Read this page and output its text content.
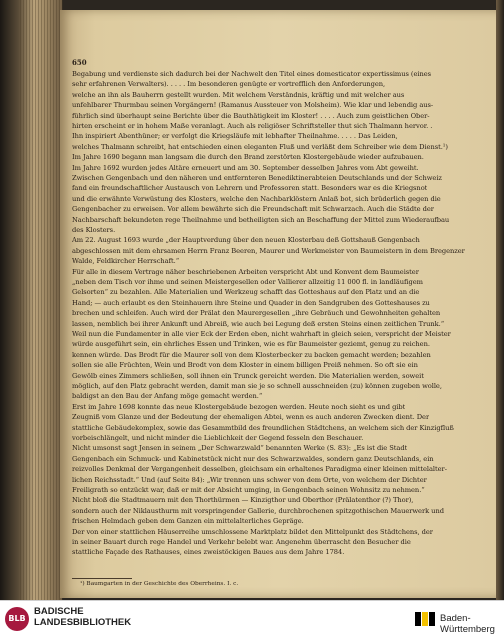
650
Begabung und verdienste sich dadurch bei der Nachwelt den Titel eines domesticator expertissimus (eines
sehr erfahrenen Verwalters). . . . . Im besonderen genügte er vortrefflich den Anforderungen,
welche an ihn als Bauherrn gestellt wurden. Mit welchem Verständnis, kräftig und mit welcher aus
unfehlbarer Thurmbau seinen Vorgängern! (Ramanus Aussteuer von Molsheim). Wie klar und lebendig aus-
führlich sind überhaupt seine Berichte über die Bauthätigkeit im Kloster! . . . . Auch zum geistlichen Ober-
hirten erscheint er in hohem Maße veranlagt. Auch als religiöser Schriftsteller thut sich Thalmann hervor. .
Ihn inspiriert Abenthüner; er verfolgt die Kriegsläufe mit lebhafter Theilnahme. . . . . Das Leiden,
welches Thalmann schreibt, hat entschieden einen eleganten Fluß und verläßt dem Schreiber wie dem Dienst.¹)
Im Jahre 1690 begann man langsam die durch den Brand zerstörten Klostergebäude wieder aufzubauen.
Im Jahre 1692 wurden jedes Altäre erneuert und am 30. September desselben Jahres vom Abt geweiht.
Zwischen Gengenbach und den näheren und entfernteren Benediktinerabteien Deutschlands und der Schweiz
fand ein freundschaftlicher Austausch von Lehrern und Professoren statt. Besonders war es die Kriegsnot
und die erwähnte Verwüstung des Klosters, welche den Nachbarklöstern Anlaß bot, sich brüderlich gegen die
Gengenbacher zu erweisen. Vor allem bewährte sich die Freundschaft mit Schwarzach. Auch die Städte der
Nachbarschaft bekundeten rege Theilnahme und betheiligten sich an Beschaffung der Mittel zum Wiederaufbau
des Klosters.
Am 22. August 1693 wurde „der Hauptverdung über den neuen Klosterbau deß Gottshauß Gengenbach
abgeschlossen mit dem ehrsamen Herrn Franz Beeren, Maurer und Werkmeister von Baumeistern in dem Bregenzer
Walde, Feldkircher Herrschaft.“
Für alle in diesem Vertrage näher beschriebenen Arbeiten verspricht Abt und Konvent dem Baumeister
„neben dem Tisch vor ihme und seinen Meistergesellen oder Vallierer allzeitig 11 000 fl. in landläufigem
Gelsorten“ zu bezahlen. Alle Materialien und Werkzeug schafft das Gotteshaus auf den Platz und an die
Hand; — auch erlaubt es den Steinhauern ihre Steine und Quader in den Sandgruben des Gotteshauses zu
brechen und schleifen. Auch wird der Prälat den Maurergesellen „ihre Gebräuch und Gewohnheiten gehalten
lassen, nemblich bei ihrer Ankunft und Abreiß, wie auch bei Legung deß ersten Steins einen zeitlichen Trunk.“
Weil nun die Fundamenter in alle vier Eck der Erden eben, nicht wahrhaft in gleich seien, verspricht der Meister
würde ausgeführt sein, ein ehrliches Essen und Trinken, wie es für Baumeister geziemt, genug zu reichen.
kennen würde. Das Brodt für die Maurer soll von dem Klosterbecker zu backen gemacht werden; bezahlen
sollen sie alle Früchten, Wein und Brodt von dem Kloster in einem billigen Preiß nehmen. So oft sie ein
Gewölb eines Zimmers schließen, soll ihnen ein Trunck gereicht werden. Die Materialien werden, soweit
möglich, auf den Platz gebracht werden, damit man sie je so schnell ausschneiden (zu) können zugeben wolle,
baldigst an den Bau der Anfang möge gemacht werden.“
Erst im Jahre 1698 konnte das neue Klostergebäude bezogen werden. Heute noch sieht es und gibt
Zeugniß vom Glanze und der Bedeutung der ehemaligen Abtei, wenn es auch anderen Zwecken dient. Der
stattliche Gebäudekomplex, sowie das Gesammtbild des freundlichen Städtchens, an welchem sich der Kinzigfluß
vorbeischlängelt, und nicht minder die Lieblichkeit der Gegend fesseln den Beschauer.
Nicht umsonst sagt Jensen in seinem „Der Schwarzwald“ benannten Werke (S. 83): „Es ist die Stadt
Gengenbach ein Schmuck- und Kabinetstück nicht nur des Schwarzwaldes, sondern ganz Deutschlands, ein
reizvolles Denkmal der Vergangenheit desselben, gleichsam ein erhaltenes Paradigma einer kleinen mittelalter-
lichen Reichsstadt.“ Und (auf Seite 84): „Wir trennen uns schwer von dem Orte, von welchem der Dichter
Freiligrath so entzückt war, daß er mit der Absicht umging, in Gengenbach seinen Wohnsitz zu nehmen.“
Nicht bloß die Stadtmauern mit den Thorthürmen — Kinzigthor und Oberthor (Prälatenthor (?) Thor),
sondern auch der Niklausthurm mit vorspringender Gallerie, durchbrochenen spitzgothischen Mauerwerk und
frischen Helmdach geben dem Ganzen ein mittelalterliches Gepräge.
Der von einer stattlichen Häuserreihe umschlossene Marktplatz bildet den Mittelpunkt des Städtchens, der
in seiner Bauart durch rege Handel und Verkehr belebt war. Angenehm überrascht den Besucher die
stattliche Façade des Rathauses, eines zweistöckigen Baues aus dem Jahre 1784.
¹) Baumgarten in der Geschichte des Oberrheins. I. c.
BLB
BADISCHE
LANDESBIBLIOTHEK	Baden-Württemberg
